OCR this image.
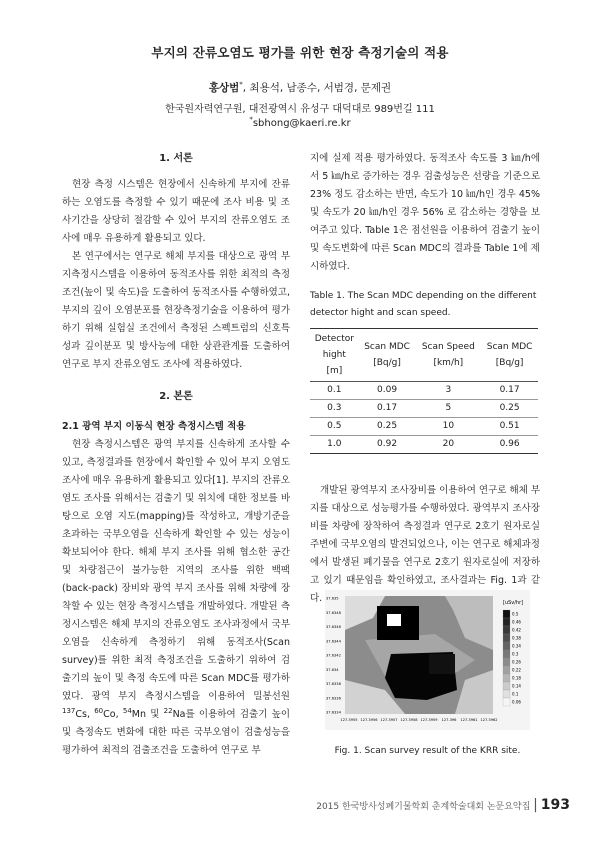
부지의 잔류오염도 평가를 위한 현장 측정기술의 적용
홍상범*, 최용석, 남종수, 서범경, 문제권
한국원자력연구원, 대전광역시 유성구 대덕대로 989번길 111
*sbhong@kaeri.re.kr
1. 서론

현장 측정 시스템은 현장에서 신속하게 부지에 잔류하는 오염도를 측정할 수 있기 때문에 조사 비용 및 조사기간을 상당히 절감할 수 있어 부지의 잔류오염도 조사에 매우 유용하게 활용되고 있다.

본 연구에서는 연구로 해체 부지를 대상으로 광역 부지측정시스템을 이용하여 동적조사를 위한 최적의 측정조건(높이 및 속도)을 도출하여 동적조사를 수행하였고, 부지의 깊이 오염분포를 현장측정기술을 이용하여 평가하기 위해 실험실 조건에서 측정된 스펙트럼의 신호특성과 깊이분포 및 방사능에 대한 상관관계를 도출하여 연구로 부지 잔류오염도 조사에 적용하였다.

2. 본론
2.1 광역 부지 이동식 현장 측정시스템 적용

현장 측정시스템은 광역 부지를 신속하게 조사할 수 있고, 측정결과를 현장에서 확인할 수 있어 부지 오염도 조사에 매우 유용하게 활용되고 있다[1]. 부지의 잔류오염도 조사를 위해서는 검출기 및 위치에 대한 정보를 바탕으로 오염 지도(mapping)를 작성하고, 개방기준을 초과하는 국부오염을 신속하게 확인할 수 있는 성능이 확보되어야 한다. 해체 부지 조사를 위해 협소한 공간 및 차량접근이 불가능한 지역의 조사를 위한 백팩(back-pack) 장비와 광역 부지 조사를 위해 차량에 장착할 수 있는 현장 측정시스템을 개발하였다. 개발된 측정시스템은 해체 부지의 잔류오염도 조사과정에서 국부오염을 신속하게 측정하기 위해 동적조사(Scan survey)를 위한 최적 측정조건을 도출하기 위하여 검출기의 높이 및 측정 속도에 따른 Scan MDC를 평가하였다. 광역 부지 측정시스템을 이용하여 밀봉선원 $^{137}$Cs, $^{60}$Co, $^{54}$Mn 및 $^{22}$Na를 이용하여 검출기 높이 및 측정속도 변화에 대한 따른 국부오염이 검출성능을 평가하여 최적의 검출조건을 도출하여 연구로 부

지에 실제 적용 평가하였다. 동적조사 속도를 3 ㎞/h에서 5 ㎞/h로 증가하는 경우 검출성능은 선량을 기준으로 23% 정도 감소하는 반면, 속도가 10 ㎞/h인 경우 45% 및 속도가 20 ㎞/h인 경우 56% 로 감소하는 경향을 보여주고 있다. Table 1은 점선원을 이용하여 검출기 높이 및 속도변화에 따른 Scan MDC의 결과를 Table 1에 제시하였다.

Table 1. The Scan MDC depending on the different detector hight and scan speed.
Detector
hight
[m]	Scan MDC
[Bq/g]	Scan Speed
[km/h]	Scan MDC
[Bq/g]
0.1	0.09	3	0.17
0.3	0.17	5	0.25
0.5	0.25	10	0.51
1.0	0.92	20	0.96

개발된 광역부지 조사장비를 이용하여 연구로 해체 부지를 대상으로 성능평가를 수행하였다. 광역부지 조사장비를 차량에 장착하여 측정결과 연구로 2호기 원자로실 주변에 국부오염의 발견되었으나, 이는 연구로 해체과정에서 발생된 폐기물을 연구로 2호기 원자로실에 저장하고 있기 때문임을 확인하였고, 조사결과는 Fig. 1과 같다.	37.635
37.6348
37.6346
37.6344
37.6342
37.634
37.6338
37.6336
37.6334
127.3955 127.3956 127.3957 127.3958 127.3959 127.396 127.3961 127.3962
[uSv/hr]
0.5
0.46
0.42
0.38
0.34
0.3
0.26
0.22
0.18
0.14
0.1
0.06
Fig. 1. Scan survey result of the KRR site.
2015 한국방사성폐기물학회 춘계학술대회 논문요약집 | 193
